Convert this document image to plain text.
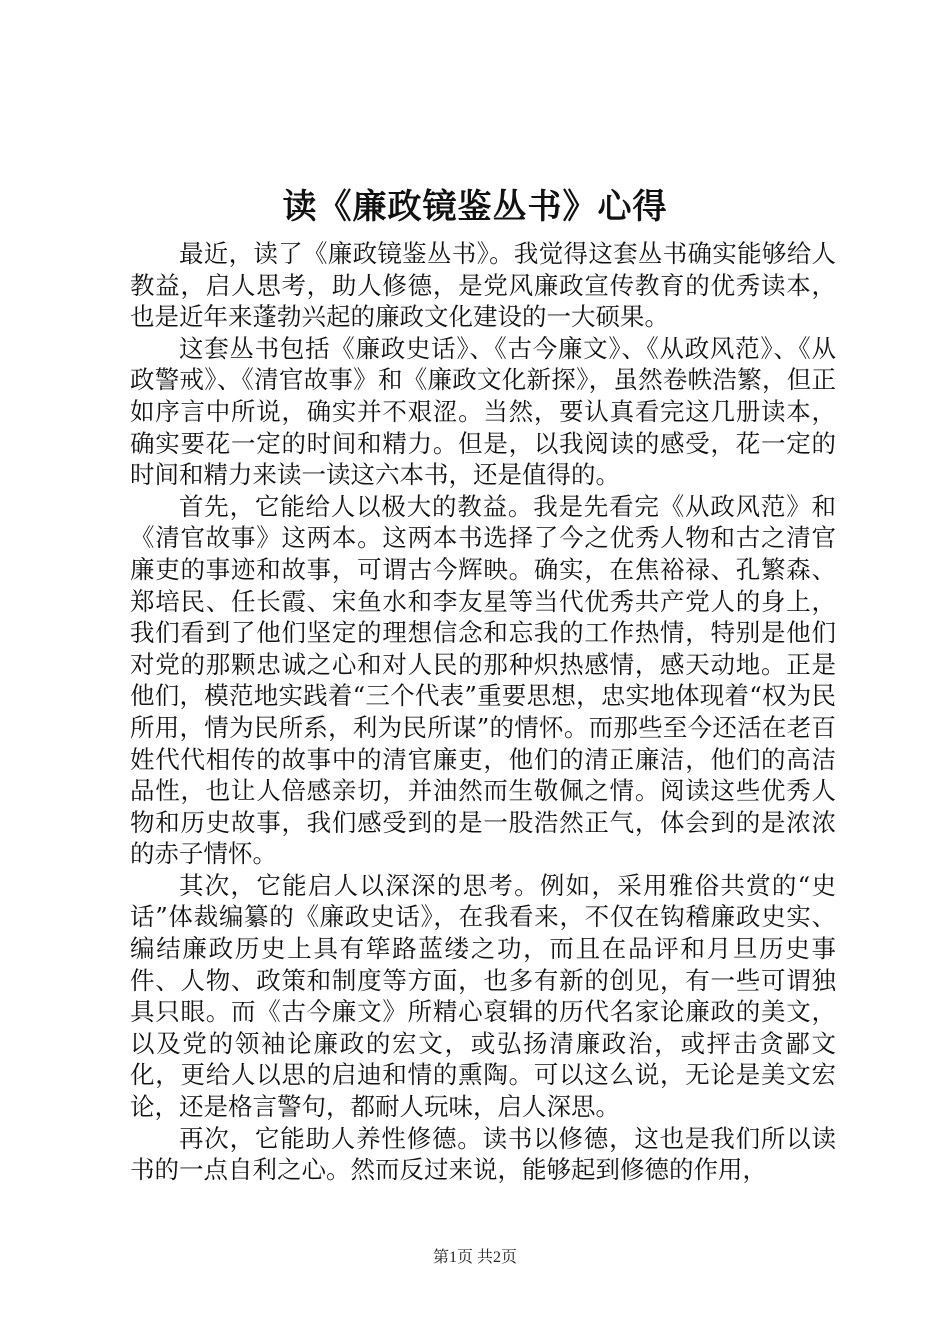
读《廉政镜鉴丛书》心得

最近，读了《廉政镜鉴丛书》。我觉得这套丛书确实能够给人教益，启人思考，助人修德，是党风廉政宣传教育的优秀读本，也是近年来蓬勃兴起的廉政文化建设的一大硕果。

这套丛书包括《廉政史话》、《古今廉文》、《从政风范》、《从政警戒》、《清官故事》和《廉政文化新探》，虽然卷帙浩繁，但正如序言中所说，确实并不艰涩。当然，要认真看完这几册读本，确实要花一定的时间和精力。但是，以我阅读的感受，花一定的时间和精力来读一读这六本书，还是值得的。

首先，它能给人以极大的教益。我是先看完《从政风范》和《清官故事》这两本。这两本书选择了今之优秀人物和古之清官廉吏的事迹和故事，可谓古今辉映。确实，在焦裕禄、孔繁森、郑培民、任长霞、宋鱼水和李友星等当代优秀共产党人的身上，我们看到了他们坚定的理想信念和忘我的工作热情，特别是他们对党的那颗忠诚之心和对人民的那种炽热感情，感天动地。正是他们，模范地实践着“三个代表”重要思想，忠实地体现着“权为民所用，情为民所系，利为民所谋”的情怀。而那些至今还活在老百姓代代相传的故事中的清官廉吏，他们的清正廉洁，他们的高洁品性，也让人倍感亲切，并油然而生敬佩之情。阅读这些优秀人物和历史故事，我们感受到的是一股浩然正气，体会到的是浓浓的赤子情怀。

其次，它能启人以深深的思考。例如，采用雅俗共赏的“史话”体裁编纂的《廉政史话》，在我看来，不仅在钩稽廉政史实、编结廉政历史上具有筚路蓝缕之功，而且在品评和月旦历史事件、人物、政策和制度等方面，也多有新的创见，有一些可谓独具只眼。而《古今廉文》所精心裒辑的历代名家论廉政的美文，以及党的领袖论廉政的宏文，或弘扬清廉政治，或抨击贪鄙文化，更给人以思的启迪和情的熏陶。可以这么说，无论是美文宏论，还是格言警句，都耐人玩味，启人深思。

再次，它能助人养性修德。读书以修德，这也是我们所以读书的一点自利之心。然而反过来说，能够起到修德的作用，

第1页 共2页
